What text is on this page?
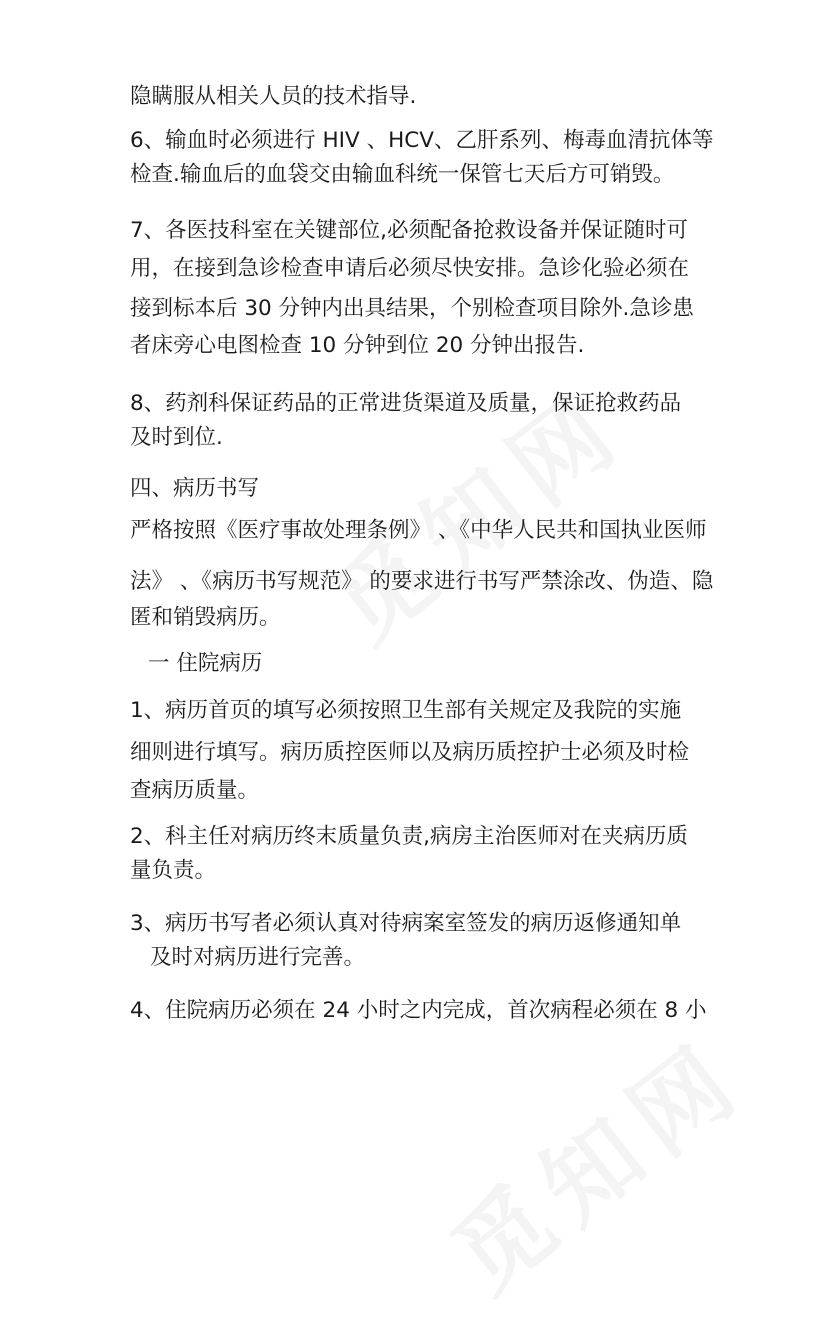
隐瞒服从相关人员的技术指导.
6、输血时必须进行 HIV 、HCV、乙肝系列、梅毒血清抗体等
检查.输血后的血袋交由输血科统一保管七天后方可销毁。
7、各医技科室在关键部位,必须配备抢救设备并保证随时可
用，在接到急诊检查申请后必须尽快安排。急诊化验必须在
接到标本后 30 分钟内出具结果，个别检查项目除外.急诊患
者床旁心电图检查 10 分钟到位 20 分钟出报告.
8、药剂科保证药品的正常进货渠道及质量，保证抢救药品
及时到位.
四、病历书写
严格按照《医疗事故处理条例》 、《中华人民共和国执业医师
法》 、《病历书写规范》 的要求进行书写严禁涂改、伪造、隐
匿和销毁病历。
一 住院病历
1、病历首页的填写必须按照卫生部有关规定及我院的实施
细则进行填写。病历质控医师以及病历质控护士必须及时检
查病历质量。
2、科主任对病历终末质量负责,病房主治医师对在夹病历质
量负责。
3、病历书写者必须认真对待病案室签发的病历返修通知单
及时对病历进行完善。
4、住院病历必须在 24 小时之内完成，首次病程必须在 8 小
